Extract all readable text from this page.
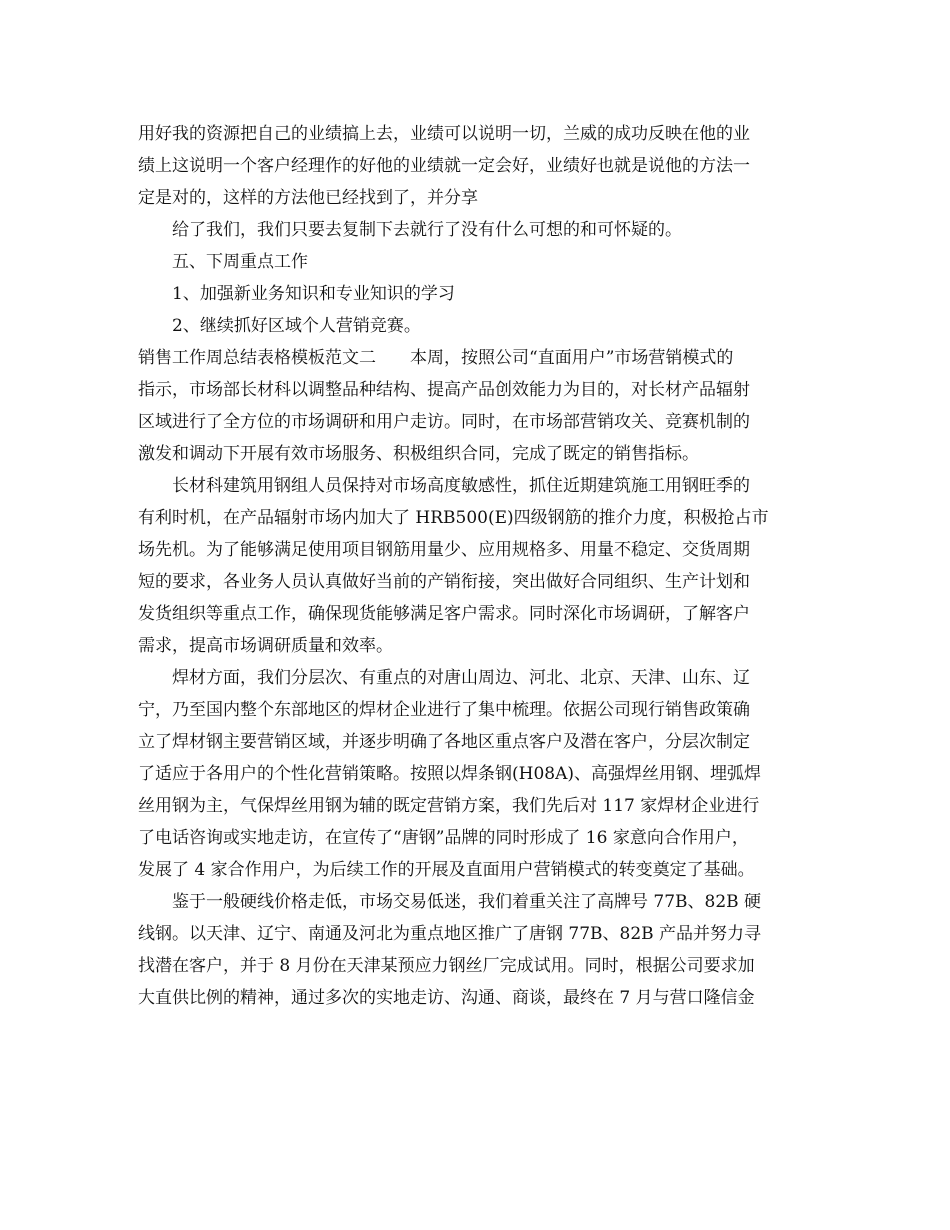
用好我的资源把自己的业绩搞上去，业绩可以说明一切，兰威的成功反映在他的业
绩上这说明一个客户经理作的好他的业绩就一定会好，业绩好也就是说他的方法一
定是对的，这样的方法他已经找到了，并分享
给了我们，我们只要去复制下去就行了没有什么可想的和可怀疑的。
五、下周重点工作
1、加强新业务知识和专业知识的学习
2、继续抓好区域个人营销竞赛。
销售工作周总结表格模板范文二　　本周，按照公司“直面用户”市场营销模式的
指示，市场部长材科以调整品种结构、提高产品创效能力为目的，对长材产品辐射
区域进行了全方位的市场调研和用户走访。同时，在市场部营销攻关、竞赛机制的
激发和调动下开展有效市场服务、积极组织合同，完成了既定的销售指标。
长材科建筑用钢组人员保持对市场高度敏感性，抓住近期建筑施工用钢旺季的
有利时机，在产品辐射市场内加大了 HRB500(E)四级钢筋的推介力度，积极抢占市
场先机。为了能够满足使用项目钢筋用量少、应用规格多、用量不稳定、交货周期
短的要求，各业务人员认真做好当前的产销衔接，突出做好合同组织、生产计划和
发货组织等重点工作，确保现货能够满足客户需求。同时深化市场调研，了解客户
需求，提高市场调研质量和效率。
焊材方面，我们分层次、有重点的对唐山周边、河北、北京、天津、山东、辽
宁，乃至国内整个东部地区的焊材企业进行了集中梳理。依据公司现行销售政策确
立了焊材钢主要营销区域，并逐步明确了各地区重点客户及潜在客户，分层次制定
了适应于各用户的个性化营销策略。按照以焊条钢(H08A)、高强焊丝用钢、埋弧焊
丝用钢为主，气保焊丝用钢为辅的既定营销方案，我们先后对 117 家焊材企业进行
了电话咨询或实地走访，在宣传了“唐钢”品牌的同时形成了 16 家意向合作用户，
发展了 4 家合作用户，为后续工作的开展及直面用户营销模式的转变奠定了基础。
鉴于一般硬线价格走低，市场交易低迷，我们着重关注了高牌号 77B、82B 硬
线钢。以天津、辽宁、南通及河北为重点地区推广了唐钢 77B、82B 产品并努力寻
找潜在客户，并于 8 月份在天津某预应力钢丝厂完成试用。同时，根据公司要求加
大直供比例的精神，通过多次的实地走访、沟通、商谈，最终在 7 月与营口隆信金
